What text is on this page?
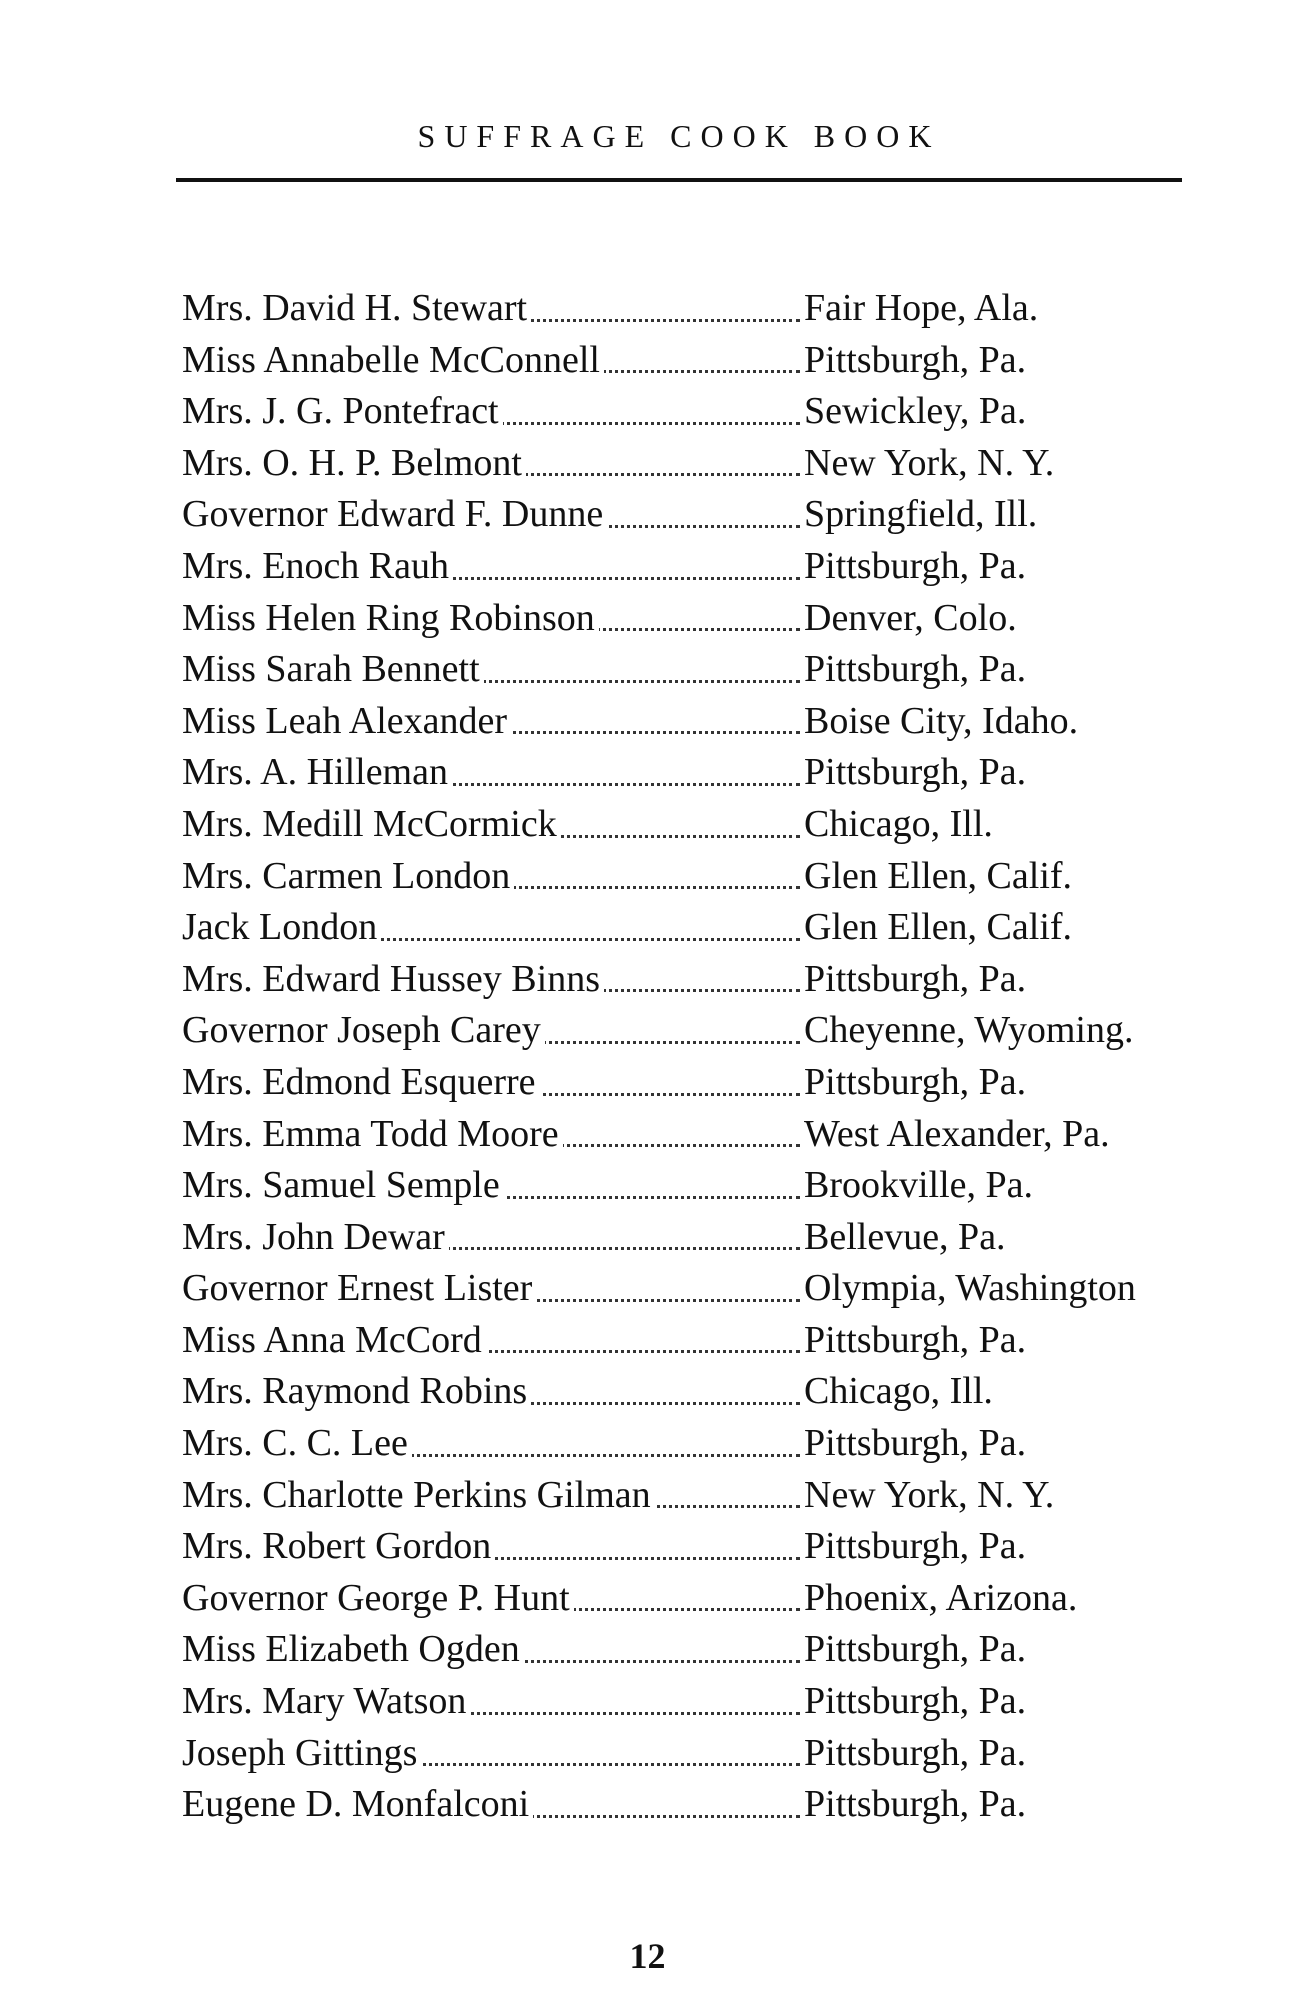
SUFFRAGE COOK BOOK
Mrs. David H. Stewart	Fair Hope, Ala.
Miss Annabelle McConnell	Pittsburgh, Pa.
Mrs. J. G. Pontefract	Sewickley, Pa.
Mrs. O. H. P. Belmont	New York, N. Y.
Governor Edward F. Dunne	Springfield, Ill.
Mrs. Enoch Rauh	Pittsburgh, Pa.
Miss Helen Ring Robinson	Denver, Colo.
Miss Sarah Bennett	Pittsburgh, Pa.
Miss Leah Alexander	Boise City, Idaho.
Mrs. A. Hilleman	Pittsburgh, Pa.
Mrs. Medill McCormick	Chicago, Ill.
Mrs. Carmen London	Glen Ellen, Calif.
Jack London	Glen Ellen, Calif.
Mrs. Edward Hussey Binns	Pittsburgh, Pa.
Governor Joseph Carey	Cheyenne, Wyoming.
Mrs. Edmond Esquerre	Pittsburgh, Pa.
Mrs. Emma Todd Moore	West Alexander, Pa.
Mrs. Samuel Semple	Brookville, Pa.
Mrs. John Dewar	Bellevue, Pa.
Governor Ernest Lister	Olympia, Washington
Miss Anna McCord	Pittsburgh, Pa.
Mrs. Raymond Robins	Chicago, Ill.
Mrs. C. C. Lee	Pittsburgh, Pa.
Mrs. Charlotte Perkins Gilman	New York, N. Y.
Mrs. Robert Gordon	Pittsburgh, Pa.
Governor George P. Hunt	Phoenix, Arizona.
Miss Elizabeth Ogden	Pittsburgh, Pa.
Mrs. Mary Watson	Pittsburgh, Pa.
Joseph Gittings	Pittsburgh, Pa.
Eugene D. Monfalconi	Pittsburgh, Pa.
12
